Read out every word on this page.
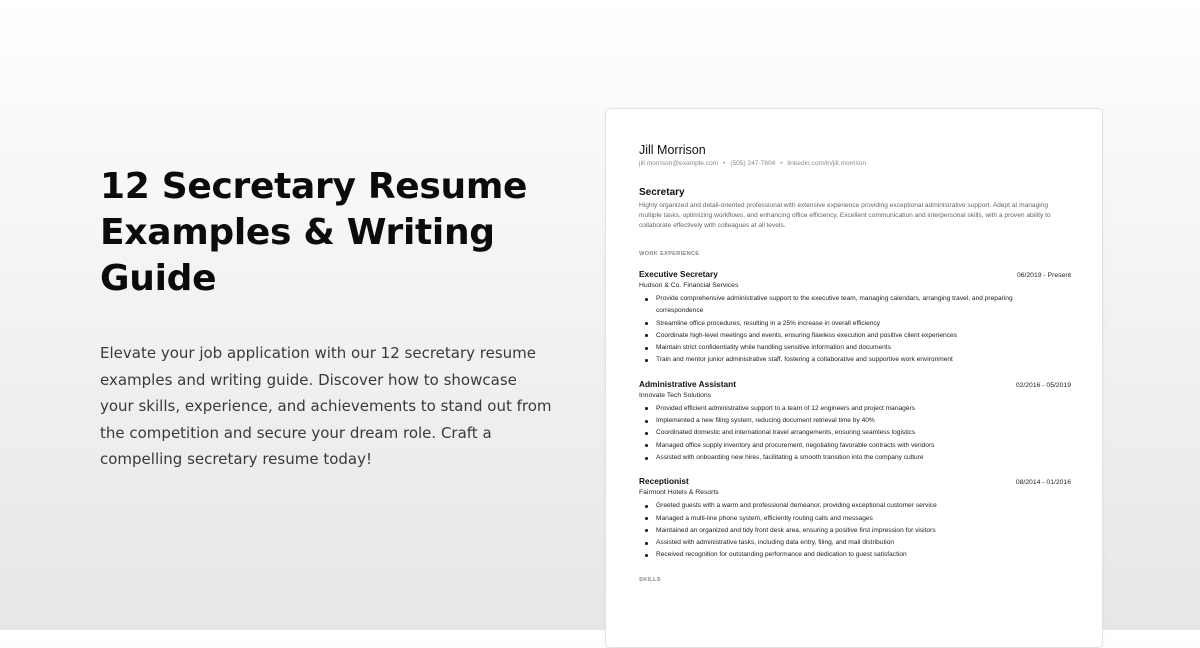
12 Secretary Resume Examples & Writing Guide

Elevate your job application with our 12 secretary resume examples and writing guide. Discover how to showcase your skills, experience, and achievements to stand out from the competition and secure your dream role. Craft a compelling secretary resume today!

Jill Morrison
jill.morrison@example.com • (505) 247-7604 • linkedin.com/in/jill.morrison
Secretary
Highly organized and detail-oriented professional with extensive experience providing exceptional administrative support. Adept at managing multiple tasks, optimizing workflows, and enhancing office efficiency. Excellent communication and interpersonal skills, with a proven ability to collaborate effectively with colleagues at all levels.
WORK EXPERIENCE
Executive Secretary	06/2019 - Present
Hudson & Co. Financial Services
Provide comprehensive administrative support to the executive team, managing calendars, arranging travel, and preparing correspondence
Streamline office procedures, resulting in a 25% increase in overall efficiency
Coordinate high-level meetings and events, ensuring flawless execution and positive client experiences
Maintain strict confidentiality while handling sensitive information and documents
Train and mentor junior administrative staff, fostering a collaborative and supportive work environment
Administrative Assistant	02/2016 - 05/2019
Innovate Tech Solutions
Provided efficient administrative support to a team of 12 engineers and project managers
Implemented a new filing system, reducing document retrieval time by 40%
Coordinated domestic and international travel arrangements, ensuring seamless logistics
Managed office supply inventory and procurement, negotiating favorable contracts with vendors
Assisted with onboarding new hires, facilitating a smooth transition into the company culture
Receptionist	08/2014 - 01/2016
Fairmont Hotels & Resorts
Greeted guests with a warm and professional demeanor, providing exceptional customer service
Managed a multi-line phone system, efficiently routing calls and messages
Maintained an organized and tidy front desk area, ensuring a positive first impression for visitors
Assisted with administrative tasks, including data entry, filing, and mail distribution
Received recognition for outstanding performance and dedication to guest satisfaction
SKILLS
